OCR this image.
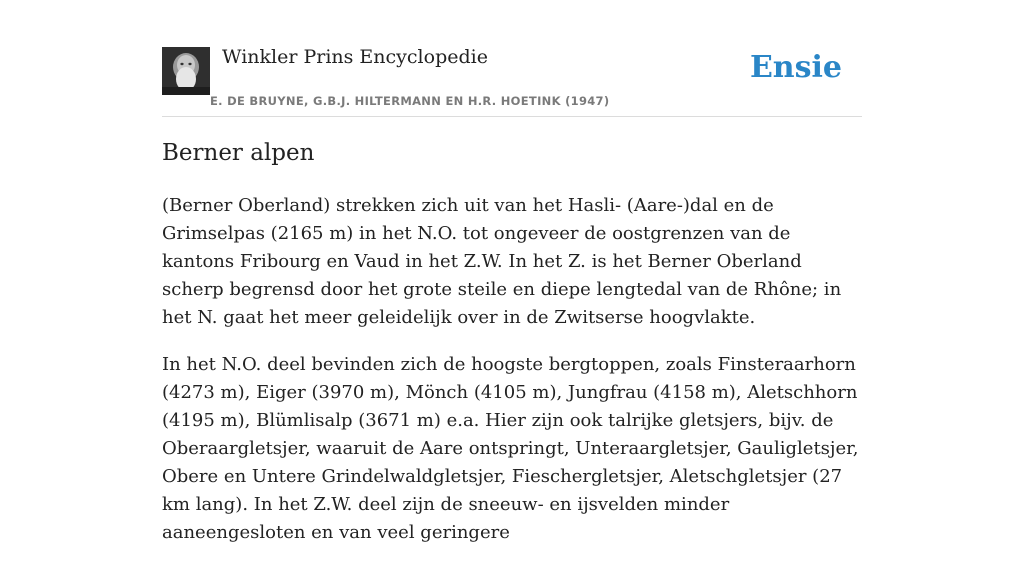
Winkler Prins Encyclopedie
E. DE BRUYNE, G.B.J. HILTERMANN EN H.R. HOETINK (1947)
Ensie
Berner alpen

(Berner Oberland) strekken zich uit van het Hasli- (Aare-)dal en de Grimselpas (2165 m) in het N.O. tot ongeveer de oostgrenzen van de kantons Fribourg en Vaud in het Z.W. In het Z. is het Berner Oberland scherp begrensd door het grote steile en diepe lengtedal van de Rhône; in het N. gaat het meer geleidelijk over in de Zwitserse hoogvlakte.

In het N.O. deel bevinden zich de hoogste bergtoppen, zoals Finsteraarhorn (4273 m), Eiger (3970 m), Mönch (4105 m), Jungfrau (4158 m), Aletschhorn (4195 m), Blümlisalp (3671 m) e.a. Hier zijn ook talrijke gletsjers, bijv. de Oberaargletsjer, waaruit de Aare ontspringt, Unteraargletsjer, Gauligletsjer, Obere en Untere Grindelwaldgletsjer, Fieschergletsjer, Aletschgletsjer (27 km lang). In het Z.W. deel zijn de sneeuw- en ijsvelden minder aaneengesloten en van veel geringere
